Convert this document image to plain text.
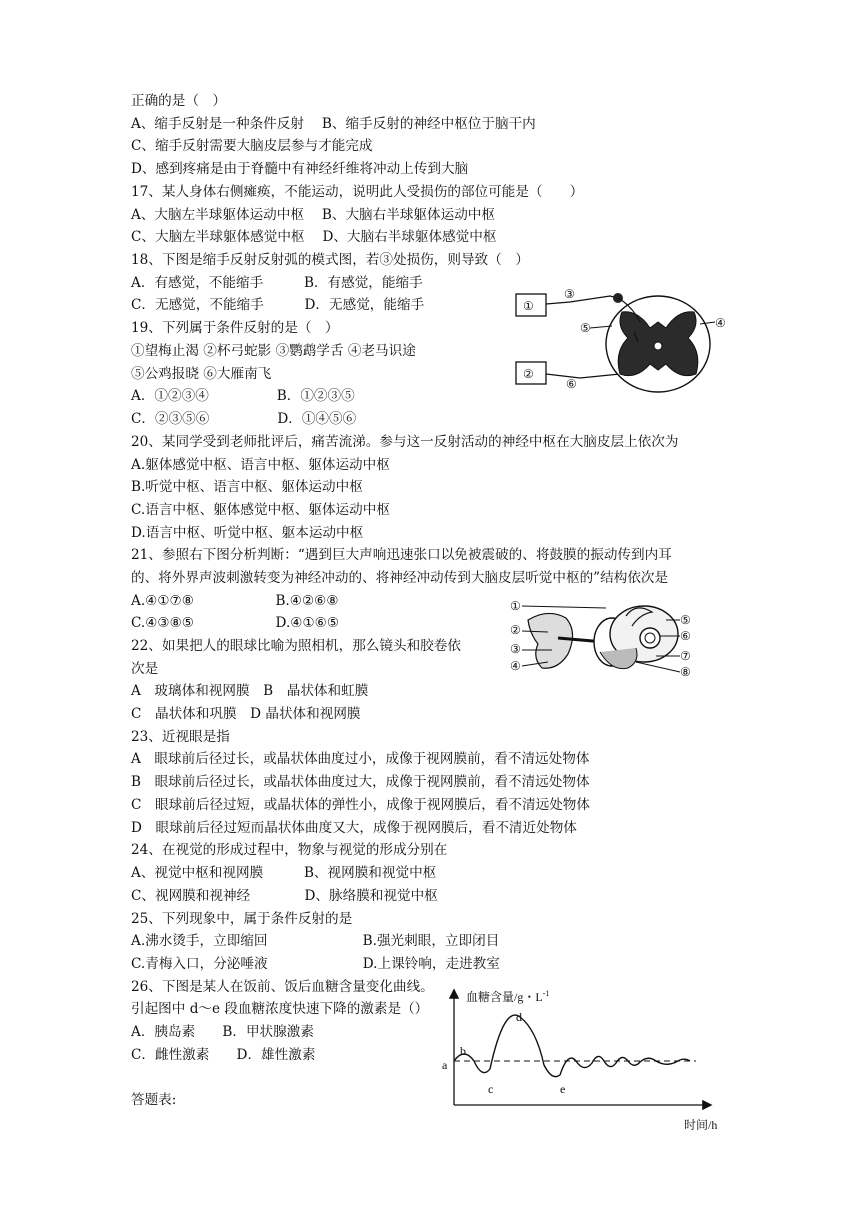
正确的是（　）
A、缩手反射是一种条件反射　 B、缩手反射的神经中枢位于脑干内
C、缩手反射需要大脑皮层参与才能完成
D、感到疼痛是由于脊髓中有神经纤维将冲动上传到大脑
17、某人身体右侧瘫痪，不能运动，说明此人受损伤的部位可能是（　　）
A、大脑左半球躯体运动中枢　 B、大脑右半球躯体运动中枢
C、大脑左半球躯体感觉中枢　 D、大脑右半球躯体感觉中枢
18、下图是缩手反射反射弧的模式图，若③处损伤，则导致（　）
A．有感觉，不能缩手　　　B．有感觉，能缩手
C．无感觉，不能缩手　　　D．无感觉，能缩手
19、下列属于条件反射的是（　）
①望梅止渴 ②杯弓蛇影 ③鹦鹉学舌 ④老马识途
⑤公鸡报晓 ⑥大雁南飞
A．①②③④　　　　　B．①②③⑤
C．②③⑤⑥　　　　　D．①④⑤⑥
20、某同学受到老师批评后，痛苦流涕。参与这一反射活动的神经中枢在大脑皮层上依次为
A.躯体感觉中枢、语言中枢、躯体运动中枢
B.听觉中枢、语言中枢、躯体运动中枢
C.语言中枢、躯体感觉中枢、躯体运动中枢
D.语言中枢、听觉中枢、躯本运动中枢
21、参照右下图分析判断：“遇到巨大声响迅速张口以免被震破的、将鼓膜的振动传到内耳
的、将外界声波刺激转变为神经冲动的、将神经冲动传到大脑皮层听觉中枢的”结构依次是
A.④①⑦⑧　　　　　　B.④②⑥⑧
C.④③⑧⑤　　　　　　D.④①⑥⑤
22、如果把人的眼球比喻为照相机，那么镜头和胶卷依
次是
A　玻璃体和视网膜　B　晶状体和虹膜
C　晶状体和巩膜　D 晶状体和视网膜
23、近视眼是指
A　眼球前后径过长，或晶状体曲度过小，成像于视网膜前，看不清远处物体
B　眼球前后径过长，或晶状体曲度过大，成像于视网膜前，看不清远处物体
C　眼球前后径过短，或晶状体的弹性小，成像于视网膜后，看不清远处物体
D　眼球前后径过短而晶状体曲度又大，成像于视网膜后，看不清近处物体
24、在视觉的形成过程中，物象与视觉的形成分别在
A、视觉中枢和视网膜　　　B、视网膜和视觉中枢
C、视网膜和视神经　　　　D、脉络膜和视觉中枢
25、下列现象中，属于条件反射的是
A.沸水烫手，立即缩回　　　　　　　B.强光刺眼，立即闭目
C.青梅入口，分泌唾液　　　　　　　D.上课铃响，走进教室
26、下图是某人在饭前、饭后血糖含量变化曲线。
引起图中 d～e 段血糖浓度快速下降的激素是（）
A．胰岛素　　B．甲状腺激素
C．雌性激素　　D．雄性激素
答题表:
①
②
③
⑤	④
⑥
①
②
③
④
⑤
⑥
⑦
⑧
血糖含量/g・$L^{-1}$
时间/h
a
b
c
d
e
